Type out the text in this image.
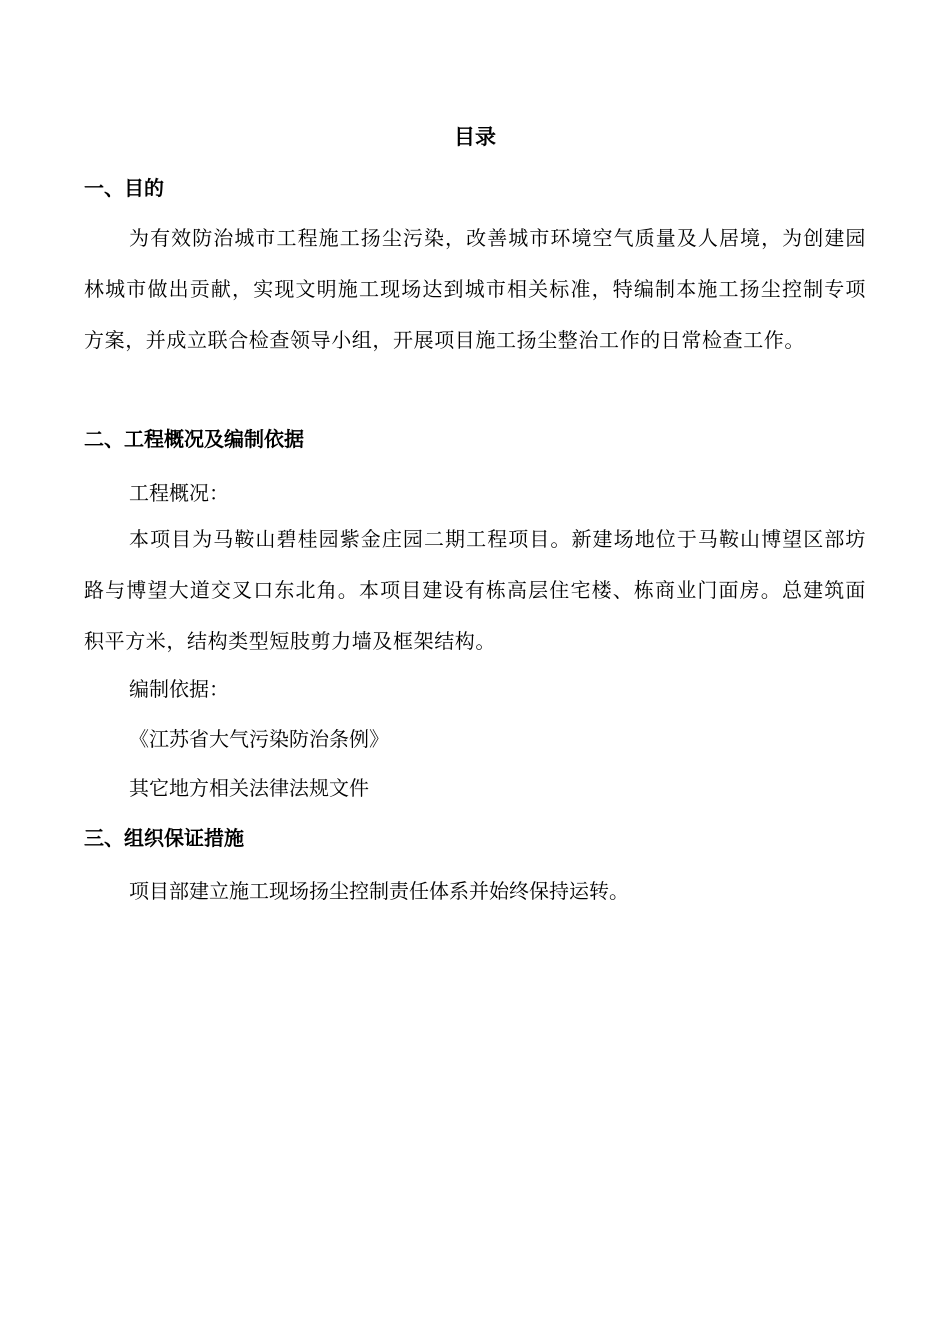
目录
一、目的
为有效防治城市工程施工扬尘污染，改善城市环境空气质量及人居境，为创建园林城市做出贡献，实现文明施工现场达到城市相关标准，特编制本施工扬尘控制专项方案，并成立联合检查领导小组，开展项目施工扬尘整治工作的日常检查工作。
二、工程概况及编制依据
工程概况：
本项目为马鞍山碧桂园紫金庄园二期工程项目。新建场地位于马鞍山博望区部坊路与博望大道交叉口东北角。本项目建设有栋高层住宅楼、栋商业门面房。总建筑面积平方米，结构类型短肢剪力墙及框架结构。
编制依据：
《江苏省大气污染防治条例》
其它地方相关法律法规文件
三、组织保证措施
项目部建立施工现场扬尘控制责任体系并始终保持运转。
